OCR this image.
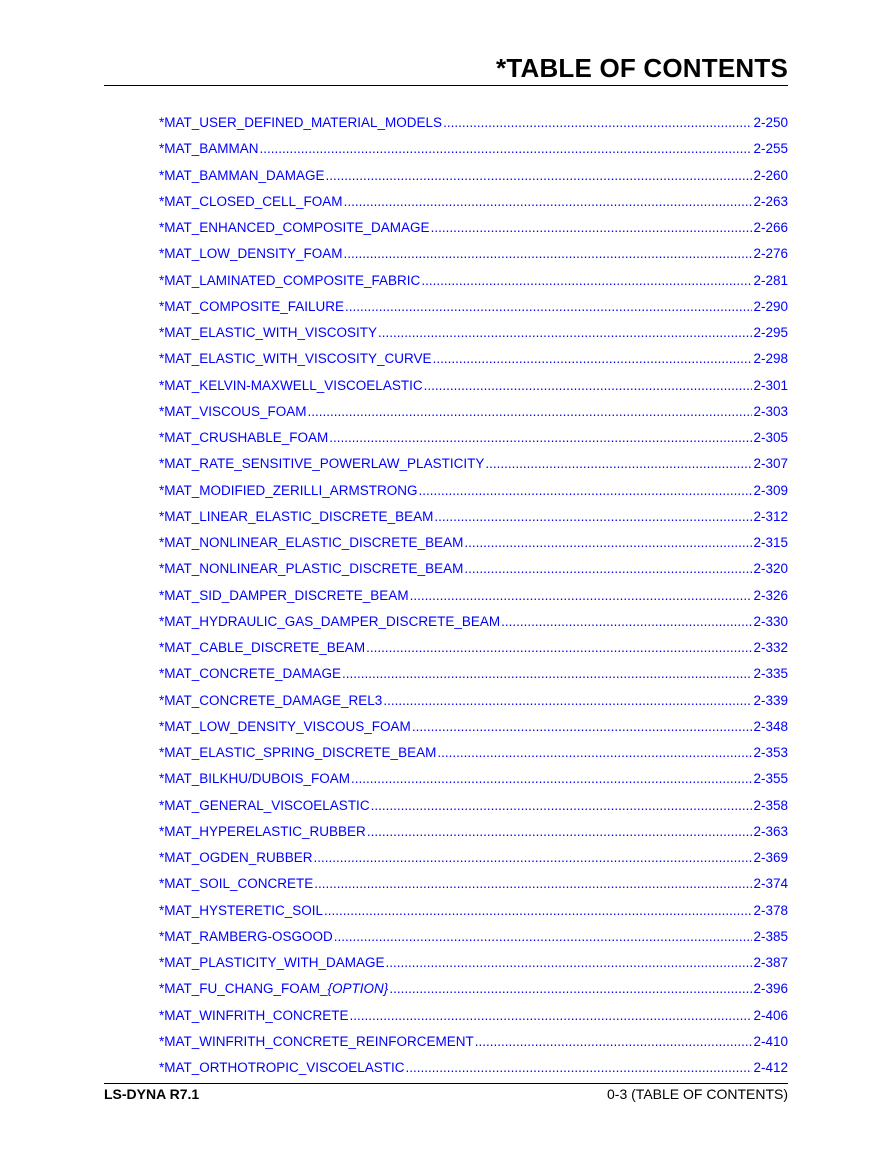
*TABLE OF CONTENTS
*MAT_USER_DEFINED_MATERIAL_MODELS .....	2-250
*MAT_BAMMAN .....	2-255
*MAT_BAMMAN_DAMAGE .....	2-260
*MAT_CLOSED_CELL_FOAM .....	2-263
*MAT_ENHANCED_COMPOSITE_DAMAGE .....	2-266
*MAT_LOW_DENSITY_FOAM .....	2-276
*MAT_LAMINATED_COMPOSITE_FABRIC .....	2-281
*MAT_COMPOSITE_FAILURE .....	2-290
*MAT_ELASTIC_WITH_VISCOSITY .....	2-295
*MAT_ELASTIC_WITH_VISCOSITY_CURVE .....	2-298
*MAT_KELVIN-MAXWELL_VISCOELASTIC .....	2-301
*MAT_VISCOUS_FOAM .....	2-303
*MAT_CRUSHABLE_FOAM .....	2-305
*MAT_RATE_SENSITIVE_POWERLAW_PLASTICITY .....	2-307
*MAT_MODIFIED_ZERILLI_ARMSTRONG .....	2-309
*MAT_LINEAR_ELASTIC_DISCRETE_BEAM .....	2-312
*MAT_NONLINEAR_ELASTIC_DISCRETE_BEAM .....	2-315
*MAT_NONLINEAR_PLASTIC_DISCRETE_BEAM .....	2-320
*MAT_SID_DAMPER_DISCRETE_BEAM .....	2-326
*MAT_HYDRAULIC_GAS_DAMPER_DISCRETE_BEAM .....	2-330
*MAT_CABLE_DISCRETE_BEAM .....	2-332
*MAT_CONCRETE_DAMAGE .....	2-335
*MAT_CONCRETE_DAMAGE_REL3 .....	2-339
*MAT_LOW_DENSITY_VISCOUS_FOAM .....	2-348
*MAT_ELASTIC_SPRING_DISCRETE_BEAM .....	2-353
*MAT_BILKHU/DUBOIS_FOAM .....	2-355
*MAT_GENERAL_VISCOELASTIC .....	2-358
*MAT_HYPERELASTIC_RUBBER .....	2-363
*MAT_OGDEN_RUBBER .....	2-369
*MAT_SOIL_CONCRETE .....	2-374
*MAT_HYSTERETIC_SOIL .....	2-378
*MAT_RAMBERG-OSGOOD .....	2-385
*MAT_PLASTICITY_WITH_DAMAGE .....	2-387
*MAT_FU_CHANG_FOAM_{OPTION} .....	2-396
*MAT_WINFRITH_CONCRETE .....	2-406
*MAT_WINFRITH_CONCRETE_REINFORCEMENT .....	2-410
*MAT_ORTHOTROPIC_VISCOELASTIC .....	2-412
LS-DYNA R7.1	0-3 (TABLE OF CONTENTS)
